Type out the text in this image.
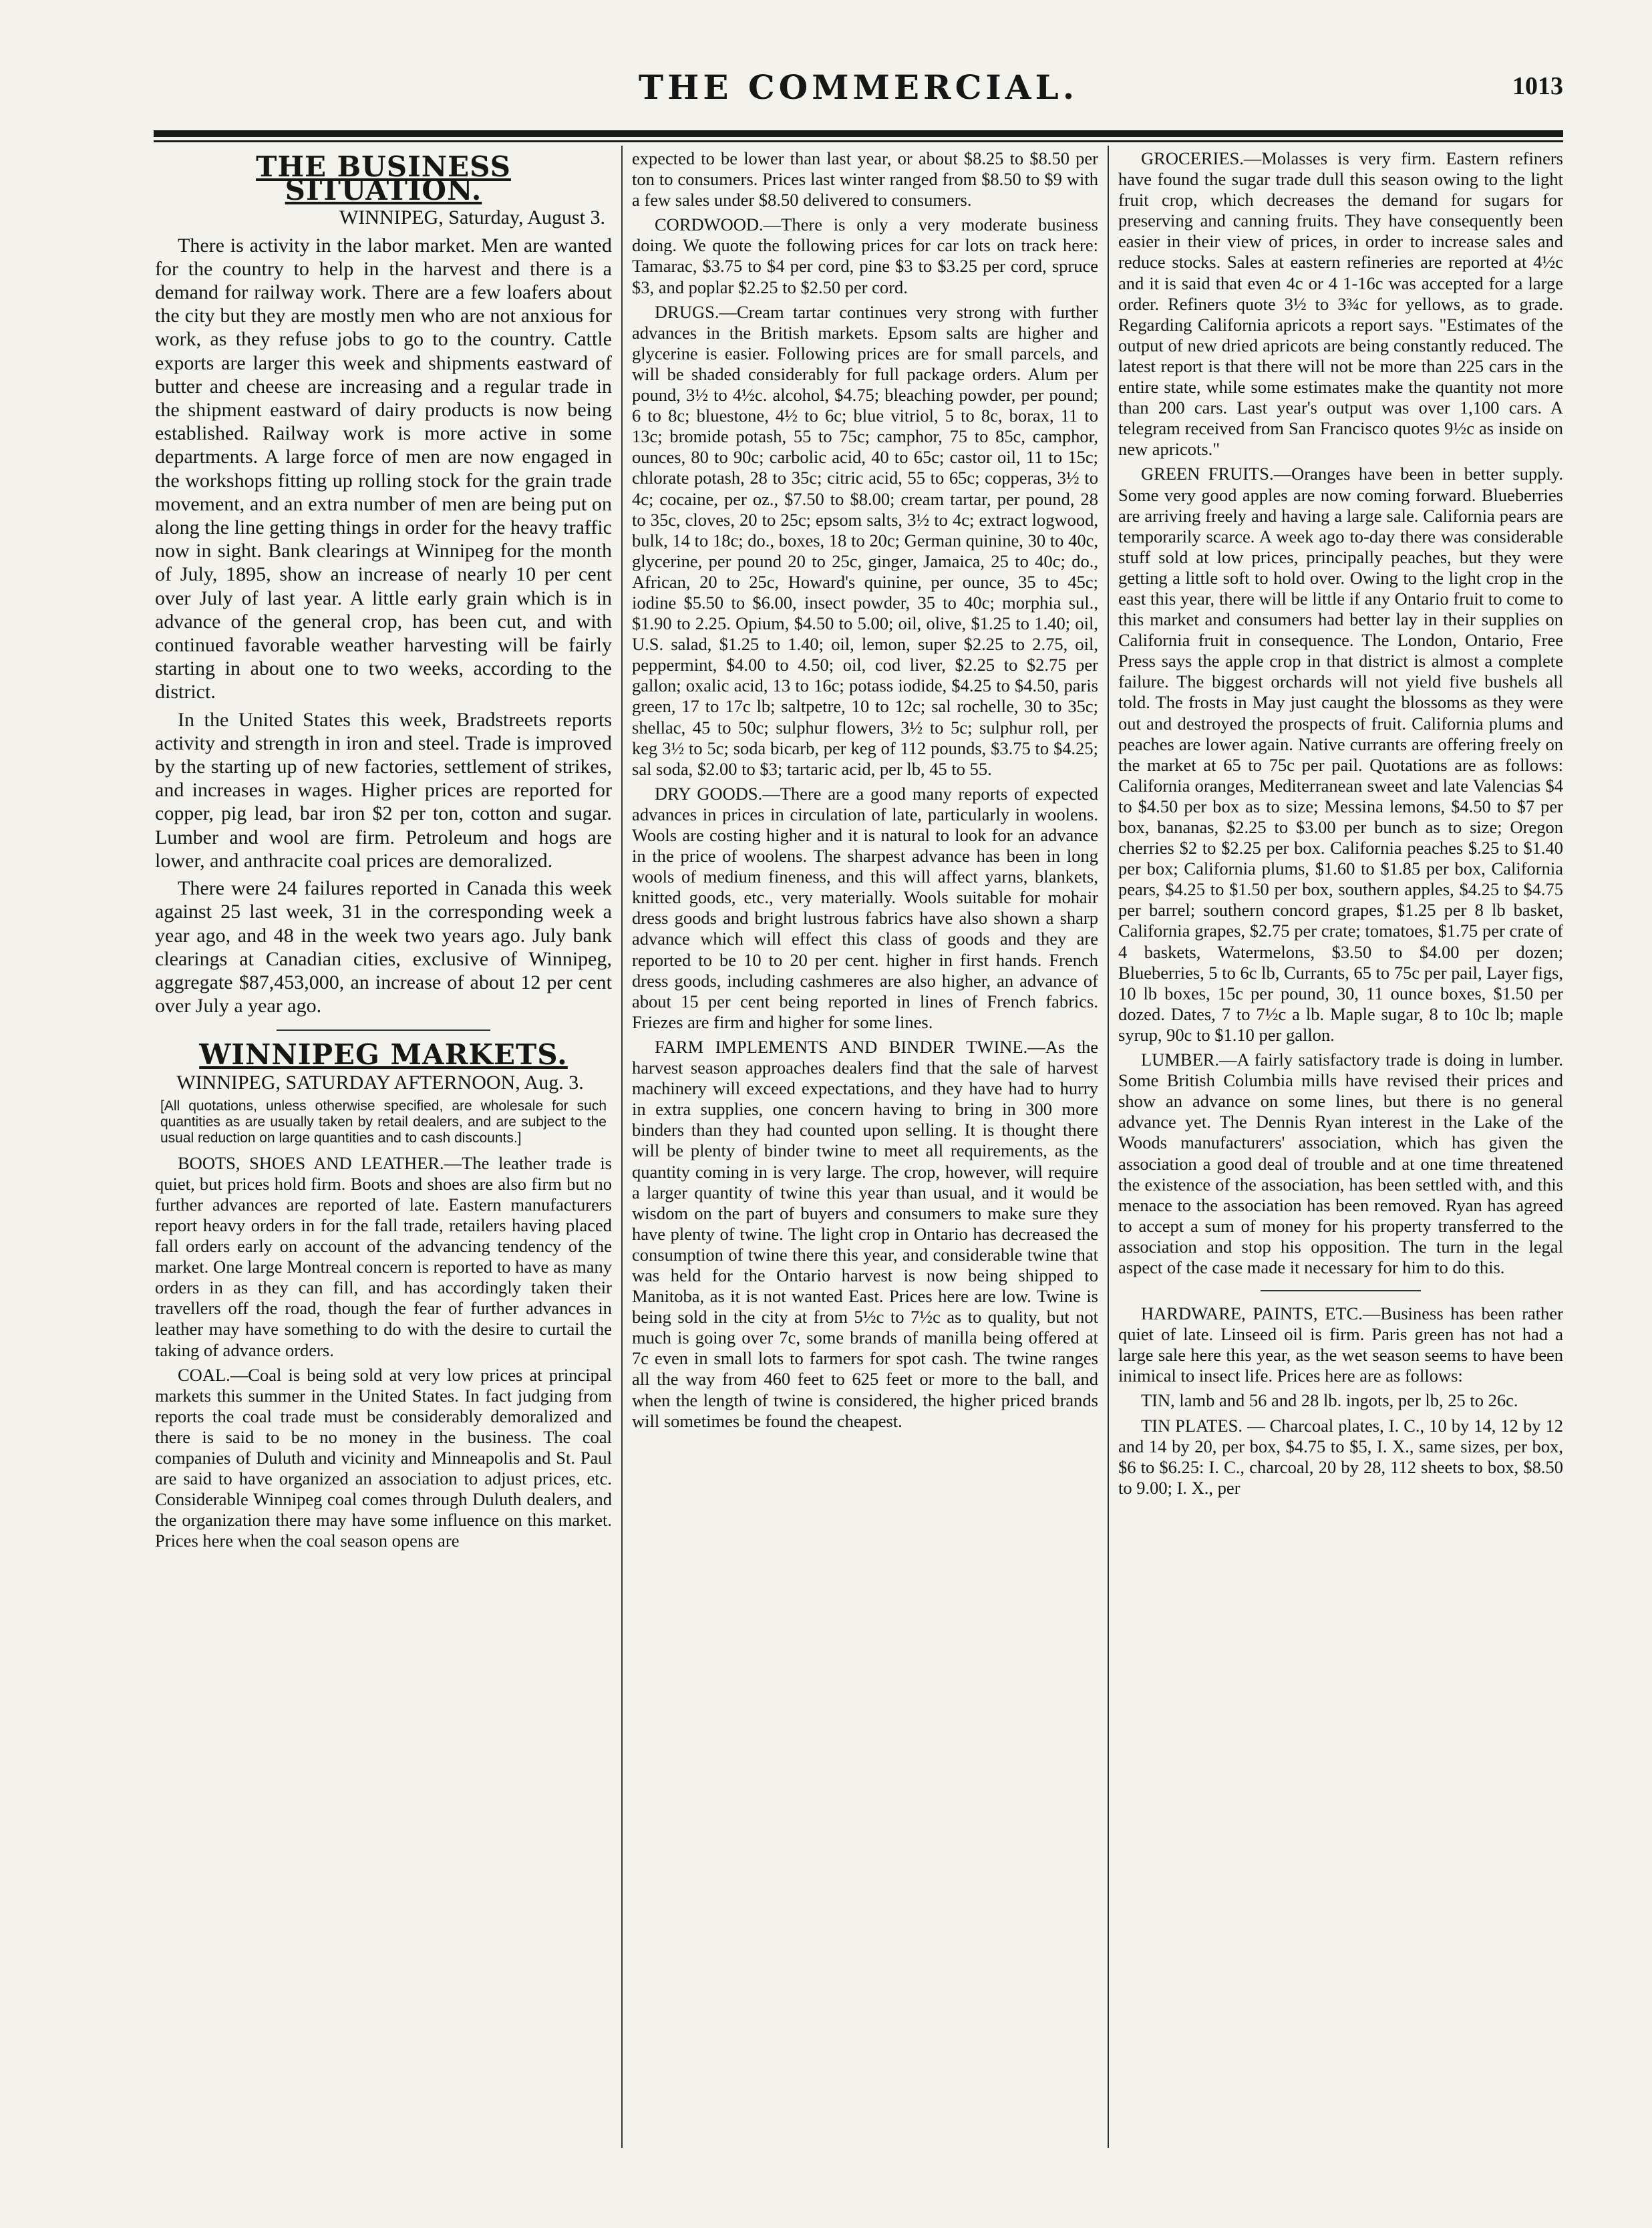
THE COMMERCIAL.	1013
THE BUSINESS SITUATION.
WINNIPEG, Saturday, August 3.

There is activity in the labor market. Men are wanted for the country to help in the harvest and there is a demand for railway work. There are a few loafers about the city but they are mostly men who are not anxious for work, as they refuse jobs to go to the country. Cattle exports are larger this week and shipments eastward of butter and cheese are increasing and a regular trade in the shipment eastward of dairy products is now being established. Railway work is more active in some departments. A large force of men are now engaged in the workshops fitting up rolling stock for the grain trade movement, and an extra number of men are being put on along the line getting things in order for the heavy traffic now in sight. Bank clearings at Winnipeg for the month of July, 1895, show an increase of nearly 10 per cent over July of last year. A little early grain which is in advance of the general crop, has been cut, and with continued favorable weather harvesting will be fairly starting in about one to two weeks, according to the district.

In the United States this week, Bradstreets reports activity and strength in iron and steel. Trade is improved by the starting up of new factories, settlement of strikes, and increases in wages. Higher prices are reported for copper, pig lead, bar iron $2 per ton, cotton and sugar. Lumber and wool are firm. Petroleum and hogs are lower, and anthracite coal prices are demoralized.

There were 24 failures reported in Canada this week against 25 last week, 31 in the corresponding week a year ago, and 48 in the week two years ago. July bank clearings at Canadian cities, exclusive of Winnipeg, aggregate $87,453,000, an increase of about 12 per cent over July a year ago.

WINNIPEG MARKETS.
WINNIPEG, SATURDAY AFTERNOON, Aug. 3.
[All quotations, unless otherwise specified, are wholesale for such quantities as are usually taken by retail dealers, and are subject to the usual reduction on large quantities and to cash discounts.]

BOOTS, SHOES AND LEATHER.—The leather trade is quiet, but prices hold firm. Boots and shoes are also firm but no further advances are reported of late. Eastern manufacturers report heavy orders in for the fall trade, retailers having placed fall orders early on account of the advancing tendency of the market. One large Montreal concern is reported to have as many orders in as they can fill, and has accordingly taken their travellers off the road, though the fear of further advances in leather may have something to do with the desire to curtail the taking of advance orders.

COAL.—Coal is being sold at very low prices at principal markets this summer in the United States. In fact judging from reports the coal trade must be considerably demoralized and there is said to be no money in the business. The coal companies of Duluth and vicinity and Minneapolis and St. Paul are said to have organized an association to adjust prices, etc. Considerable Winnipeg coal comes through Duluth dealers, and the organization there may have some influence on this market. Prices here when the coal season opens are

expected to be lower than last year, or about $8.25 to $8.50 per ton to consumers. Prices last winter ranged from $8.50 to $9 with a few sales under $8.50 delivered to consumers.

CORDWOOD.—There is only a very moderate business doing. We quote the following prices for car lots on track here: Tamarac, $3.75 to $4 per cord, pine $3 to $3.25 per cord, spruce $3, and poplar $2.25 to $2.50 per cord.

DRUGS.—Cream tartar continues very strong with further advances in the British markets. Epsom salts are higher and glycerine is easier. Following prices are for small parcels, and will be shaded considerably for full package orders. Alum per pound, 3½ to 4½c. alcohol, $4.75; bleaching powder, per pound; 6 to 8c; bluestone, 4½ to 6c; blue vitriol, 5 to 8c, borax, 11 to 13c; bromide potash, 55 to 75c; camphor, 75 to 85c, camphor, ounces, 80 to 90c; carbolic acid, 40 to 65c; castor oil, 11 to 15c; chlorate potash, 28 to 35c; citric acid, 55 to 65c; copperas, 3½ to 4c; cocaine, per oz., $7.50 to $8.00; cream tartar, per pound, 28 to 35c, cloves, 20 to 25c; epsom salts, 3½ to 4c; extract logwood, bulk, 14 to 18c; do., boxes, 18 to 20c; German quinine, 30 to 40c, glycerine, per pound 20 to 25c, ginger, Jamaica, 25 to 40c; do., African, 20 to 25c, Howard's quinine, per ounce, 35 to 45c; iodine $5.50 to $6.00, insect powder, 35 to 40c; morphia sul., $1.90 to 2.25. Opium, $4.50 to 5.00; oil, olive, $1.25 to 1.40; oil, U.S. salad, $1.25 to 1.40; oil, lemon, super $2.25 to 2.75, oil, peppermint, $4.00 to 4.50; oil, cod liver, $2.25 to $2.75 per gallon; oxalic acid, 13 to 16c; potass iodide, $4.25 to $4.50, paris green, 17 to 17c lb; saltpetre, 10 to 12c; sal rochelle, 30 to 35c; shellac, 45 to 50c; sulphur flowers, 3½ to 5c; sulphur roll, per keg 3½ to 5c; soda bicarb, per keg of 112 pounds, $3.75 to $4.25; sal soda, $2.00 to $3; tartaric acid, per lb, 45 to 55.

DRY GOODS.—There are a good many reports of expected advances in prices in circulation of late, particularly in woolens. Wools are costing higher and it is natural to look for an advance in the price of woolens. The sharpest advance has been in long wools of medium fineness, and this will affect yarns, blankets, knitted goods, etc., very materially. Wools suitable for mohair dress goods and bright lustrous fabrics have also shown a sharp advance which will effect this class of goods and they are reported to be 10 to 20 per cent. higher in first hands. French dress goods, including cashmeres are also higher, an advance of about 15 per cent being reported in lines of French fabrics. Friezes are firm and higher for some lines.

FARM IMPLEMENTS AND BINDER TWINE.—As the harvest season approaches dealers find that the sale of harvest machinery will exceed expectations, and they have had to hurry in extra supplies, one concern having to bring in 300 more binders than they had counted upon selling. It is thought there will be plenty of binder twine to meet all requirements, as the quantity coming in is very large. The crop, however, will require a larger quantity of twine this year than usual, and it would be wisdom on the part of buyers and consumers to make sure they have plenty of twine. The light crop in Ontario has decreased the consumption of twine there this year, and considerable twine that was held for the Ontario harvest is now being shipped to Manitoba, as it is not wanted East. Prices here are low. Twine is being sold in the city at from 5½c to 7½c as to quality, but not much is going over 7c, some brands of manilla being offered at 7c even in small lots to farmers for spot cash. The twine ranges all the way from 460 feet to 625 feet or more to the ball, and when the length of twine is considered, the higher priced brands will sometimes be found the cheapest.

GROCERIES.—Molasses is very firm. Eastern refiners have found the sugar trade dull this season owing to the light fruit crop, which decreases the demand for sugars for preserving and canning fruits. They have consequently been easier in their view of prices, in order to increase sales and reduce stocks. Sales at eastern refineries are reported at 4½c and it is said that even 4c or 4 1-16c was accepted for a large order. Refiners quote 3½ to 3¾c for yellows, as to grade. Regarding California apricots a report says. "Estimates of the output of new dried apricots are being constantly reduced. The latest report is that there will not be more than 225 cars in the entire state, while some estimates make the quantity not more than 200 cars. Last year's output was over 1,100 cars. A telegram received from San Francisco quotes 9½c as inside on new apricots."

GREEN FRUITS.—Oranges have been in better supply. Some very good apples are now coming forward. Blueberries are arriving freely and having a large sale. California pears are temporarily scarce. A week ago to-day there was considerable stuff sold at low prices, principally peaches, but they were getting a little soft to hold over. Owing to the light crop in the east this year, there will be little if any Ontario fruit to come to this market and consumers had better lay in their supplies on California fruit in consequence. The London, Ontario, Free Press says the apple crop in that district is almost a complete failure. The biggest orchards will not yield five bushels all told. The frosts in May just caught the blossoms as they were out and destroyed the prospects of fruit. California plums and peaches are lower again. Native currants are offering freely on the market at 65 to 75c per pail. Quotations are as follows: California oranges, Mediterranean sweet and late Valencias $4 to $4.50 per box as to size; Messina lemons, $4.50 to $7 per box, bananas, $2.25 to $3.00 per bunch as to size; Oregon cherries $2 to $2.25 per box. California peaches $.25 to $1.40 per box; California plums, $1.60 to $1.85 per box, California pears, $4.25 to $1.50 per box, southern apples, $4.25 to $4.75 per barrel; southern concord grapes, $1.25 per 8 lb basket, California grapes, $2.75 per crate; tomatoes, $1.75 per crate of 4 baskets, Watermelons, $3.50 to $4.00 per dozen; Blueberries, 5 to 6c lb, Currants, 65 to 75c per pail, Layer figs, 10 lb boxes, 15c per pound, 30, 11 ounce boxes, $1.50 per dozed. Dates, 7 to 7½c a lb. Maple sugar, 8 to 10c lb; maple syrup, 90c to $1.10 per gallon.

LUMBER.—A fairly satisfactory trade is doing in lumber. Some British Columbia mills have revised their prices and show an advance on some lines, but there is no general advance yet. The Dennis Ryan interest in the Lake of the Woods manufacturers' association, which has given the association a good deal of trouble and at one time threatened the existence of the association, has been settled with, and this menace to the association has been removed. Ryan has agreed to accept a sum of money for his property transferred to the association and stop his opposition. The turn in the legal aspect of the case made it necessary for him to do this.

HARDWARE, PAINTS, ETC.—Business has been rather quiet of late. Linseed oil is firm. Paris green has not had a large sale here this year, as the wet season seems to have been inimical to insect life. Prices here are as follows:

TIN, lamb and 56 and 28 lb. ingots, per lb, 25 to 26c.

TIN PLATES. — Charcoal plates, I. C., 10 by 14, 12 by 12 and 14 by 20, per box, $4.75 to $5, I. X., same sizes, per box, $6 to $6.25: I. C., charcoal, 20 by 28, 112 sheets to box, $8.50 to 9.00; I. X., per
